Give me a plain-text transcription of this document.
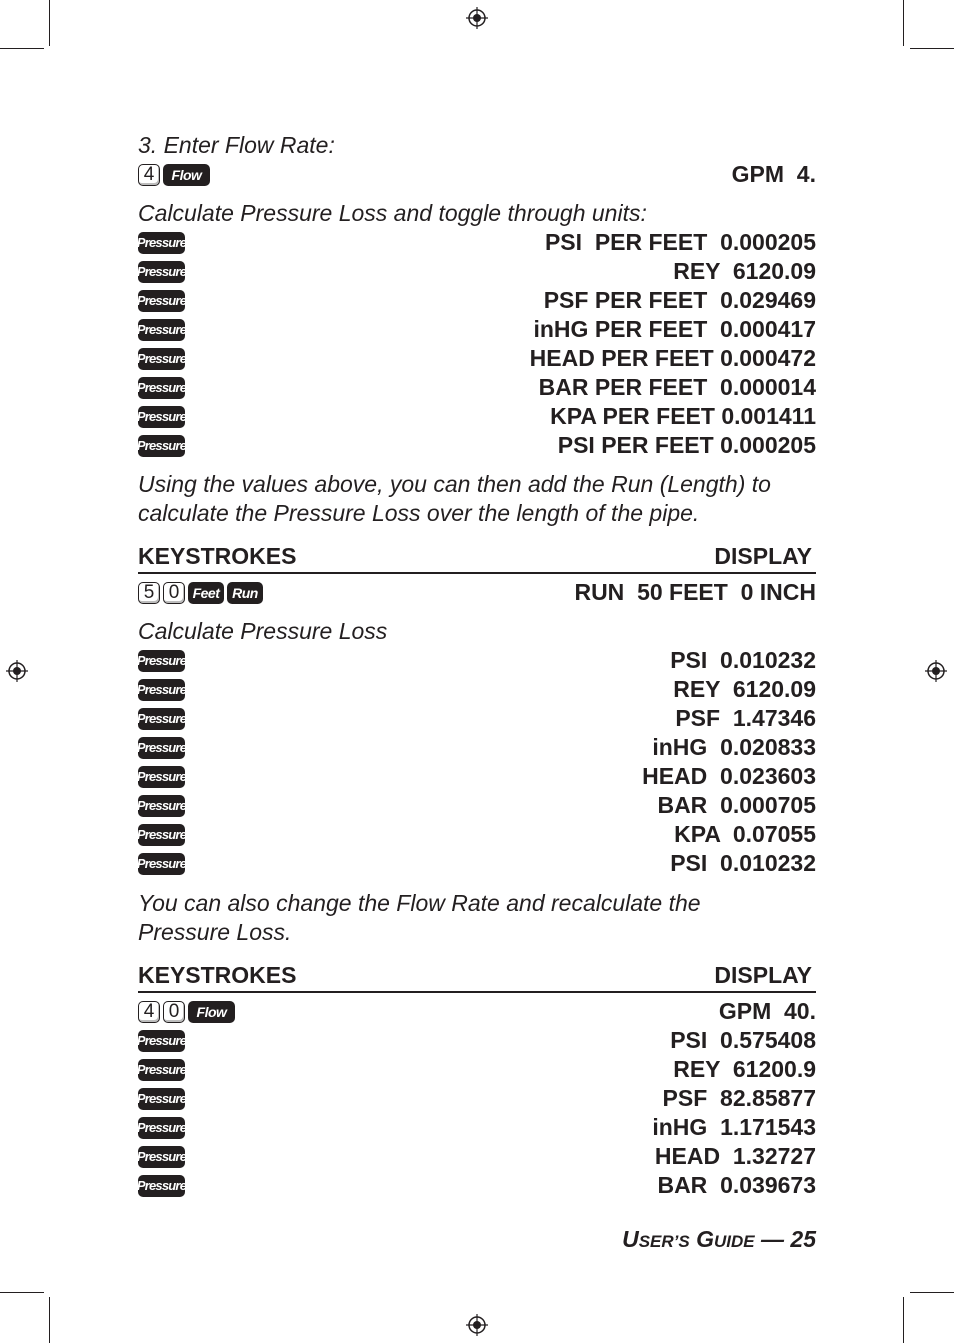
3. Enter Flow Rate:
4	Flow	GPM  4.
Calculate Pressure Loss and toggle through units:
Pressure	PSI  PER FEET  0.000205
Pressure	REY  6120.09
Pressure	PSF PER FEET  0.029469
Pressure	inHG PER FEET  0.000417
Pressure	HEAD PER FEET 0.000472
Pressure	BAR PER FEET  0.000014
Pressure	KPA PER FEET 0.001411
Pressure	PSI PER FEET 0.000205
Using the values above, you can then add the Run (Length) to
calculate the Pressure Loss over the length of the pipe.
KEYSTROKES	DISPLAY
5 0 Feet Run	RUN  50 FEET  0 INCH
Calculate Pressure Loss
Pressure	PSI  0.010232
Pressure	REY  6120.09
Pressure	PSF  1.47346
Pressure	inHG  0.020833
Pressure	HEAD  0.023603
Pressure	BAR  0.000705
Pressure	KPA  0.07055
Pressure	PSI  0.010232
You can also change the Flow Rate and recalculate the
Pressure Loss.
KEYSTROKES	DISPLAY
4 0	Flow	GPM  40.
Pressure	PSI  0.575408
Pressure	REY  61200.9
Pressure	PSF  82.85877
Pressure	inHG  1.171543
Pressure	HEAD  1.32727
Pressure	BAR  0.039673
USER’S GUIDE — 25
